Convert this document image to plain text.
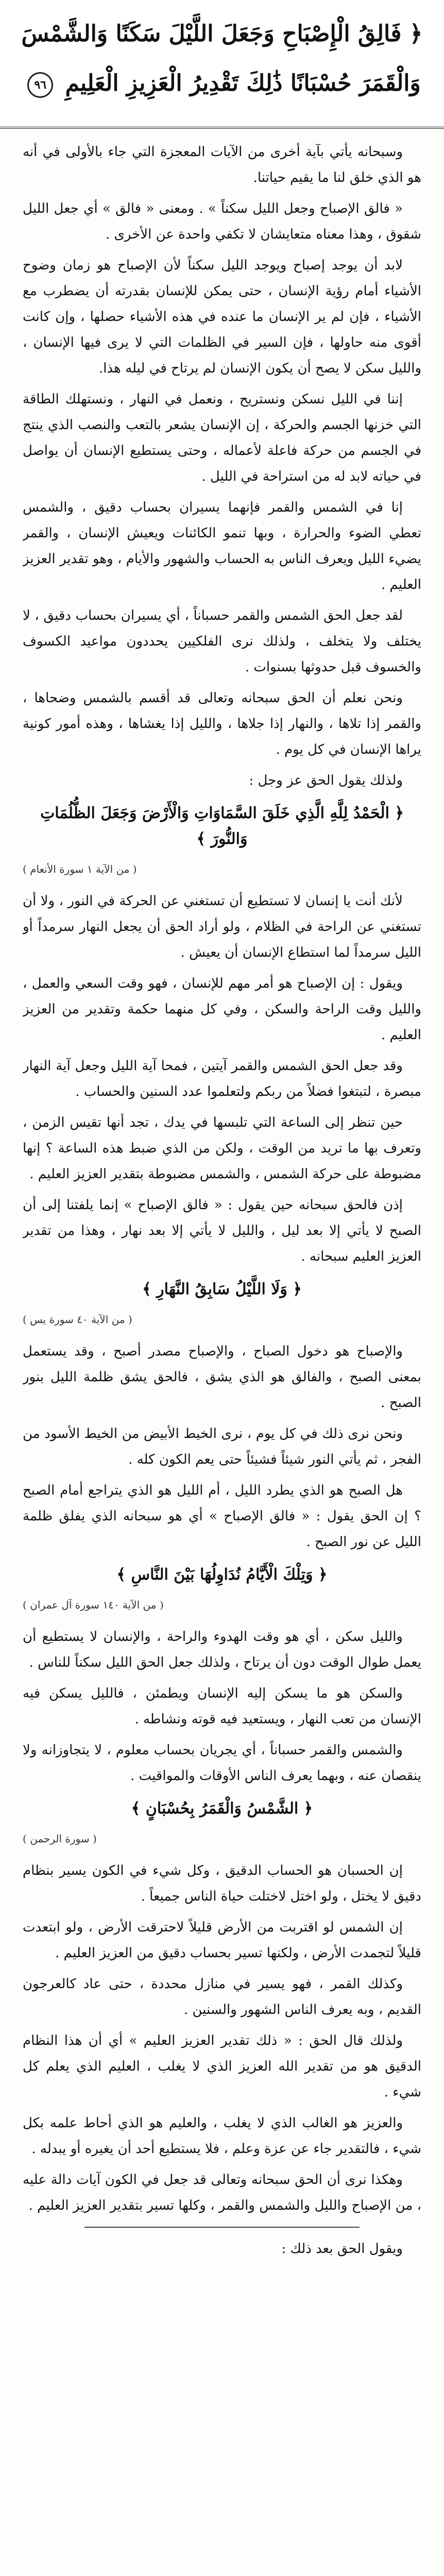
﴿ فَالِقُ الْإِصْبَاحِ وَجَعَلَ اللَّيْلَ سَكَنًا وَالشَّمْسَ
وَالْقَمَرَ حُسْبَانًا ذَٰلِكَ تَقْدِيرُ الْعَزِيزِ الْعَلِيمِ ٩٦

وسبحانه يأتي بآية أخرى من الآيات المعجزة التي جاء بالأولى في أنه هو الذي خلق لنا ما يقيم حياتنا.

« فالق الإصباح وجعل الليل سكناً » . ومعنى « فالق » أي جعل الليل شقوق ، وهذا معناه متعايشان لا تكفي واحدة عن الأخرى .

لابد أن يوجد إصباح ويوجد الليل سكناً لأن الإصباح هو زمان وضوح الأشياء أمام رؤية الإنسان ، حتى يمكن للإنسان بقدرته أن يضطرب مع الأشياء ، فإن لم ير الإنسان ما عنده في هذه الأشياء حصلها ، وإن كانت أقوى منه حاولها ، فإن السير في الظلمات التي لا يرى فيها الإنسان ، والليل سكن لا يصح أن يكون الإنسان لم يرتاح في ليله هذا.

إننا في الليل نسكن ونستريح ، ونعمل في النهار ، ونستهلك الطاقة التي خزنها الجسم والحركة ، إن الإنسان يشعر بالتعب والنصب الذي ينتج في الجسم من حركة فاعلة لأعماله ، وحتى يستطيع الإنسان أن يواصل في حياته لابد له من استراحة في الليل .

إنا في الشمس والقمر فإنهما يسيران بحساب دقيق ، والشمس تعطي الضوء والحرارة ، وبها تنمو الكائنات ويعيش الإنسان ، والقمر يضيء الليل ويعرف الناس به الحساب والشهور والأيام ، وهو تقدير العزيز العليم .

لقد جعل الحق الشمس والقمر حسباناً ، أي يسيران بحساب دقيق ، لا يختلف ولا يتخلف ، ولذلك نرى الفلكيين يحددون مواعيد الكسوف والخسوف قبل حدوثها بسنوات .

ونحن نعلم أن الحق سبحانه وتعالى قد أقسم بالشمس وضحاها ، والقمر إذا تلاها ، والنهار إذا جلاها ، والليل إذا يغشاها ، وهذه أمور كونية يراها الإنسان في كل يوم .

ولذلك يقول الحق عز وجل :

﴿ الْحَمْدُ لِلَّهِ الَّذِي خَلَقَ السَّمَاوَاتِ وَالْأَرْضَ وَجَعَلَ الظُّلُمَاتِ وَالنُّورَ ﴾
( من الآية ١ سورة الأنعام )

لأنك أنت يا إنسان لا تستطيع أن تستغني عن الحركة في النور ، ولا أن تستغني عن الراحة في الظلام ، ولو أراد الحق أن يجعل النهار سرمداً أو الليل سرمداً لما استطاع الإنسان أن يعيش .

ويقول : إن الإصباح هو أمر مهم للإنسان ، فهو وقت السعي والعمل ، والليل وقت الراحة والسكن ، وفي كل منهما حكمة وتقدير من العزيز العليم .

وقد جعل الحق الشمس والقمر آيتين ، فمحا آية الليل وجعل آية النهار مبصرة ، لتبتغوا فضلاً من ربكم ولتعلموا عدد السنين والحساب .

حين تنظر إلى الساعة التي تلبسها في يدك ، تجد أنها تقيس الزمن ، وتعرف بها ما تريد من الوقت ، ولكن من الذي ضبط هذه الساعة ؟ إنها مضبوطة على حركة الشمس ، والشمس مضبوطة بتقدير العزيز العليم .

إذن فالحق سبحانه حين يقول : « فالق الإصباح » إنما يلفتنا إلى أن الصبح لا يأتي إلا بعد ليل ، والليل لا يأتي إلا بعد نهار ، وهذا من تقدير العزيز العليم سبحانه .

﴿ وَلَا اللَّيْلُ سَابِقُ النَّهَارِ ﴾
( من الآية ٤٠ سورة يس )

والإصباح هو دخول الصباح ، والإصباح مصدر أصبح ، وقد يستعمل بمعنى الصبح ، والفالق هو الذي يشق ، فالحق يشق ظلمة الليل بنور الصبح .

ونحن نرى ذلك في كل يوم ، نرى الخيط الأبيض من الخيط الأسود من الفجر ، ثم يأتي النور شيئاً فشيئاً حتى يعم الكون كله .

هل الصبح هو الذي يطرد الليل ، أم الليل هو الذي يتراجع أمام الصبح ؟ إن الحق يقول : « فالق الإصباح » أي هو سبحانه الذي يفلق ظلمة الليل عن نور الصبح .

﴿ وَتِلْكَ الْأَيَّامُ نُدَاوِلُهَا بَيْنَ النَّاسِ ﴾
( من الآية ١٤٠ سورة آل عمران )

والليل سكن ، أي هو وقت الهدوء والراحة ، والإنسان لا يستطيع أن يعمل طوال الوقت دون أن يرتاح ، ولذلك جعل الحق الليل سكناً للناس .

والسكن هو ما يسكن إليه الإنسان ويطمئن ، فالليل يسكن فيه الإنسان من تعب النهار ، ويستعيد فيه قوته ونشاطه .

والشمس والقمر حسباناً ، أي يجريان بحساب معلوم ، لا يتجاوزانه ولا ينقصان عنه ، وبهما يعرف الناس الأوقات والمواقيت .

﴿ الشَّمْسُ وَالْقَمَرُ بِحُسْبَانٍ ﴾
( سورة الرحمن )

إن الحسبان هو الحساب الدقيق ، وكل شيء في الكون يسير بنظام دقيق لا يختل ، ولو اختل لاختلت حياة الناس جميعاً .

إن الشمس لو اقتربت من الأرض قليلاً لاحترقت الأرض ، ولو ابتعدت قليلاً لتجمدت الأرض ، ولكنها تسير بحساب دقيق من العزيز العليم .

وكذلك القمر ، فهو يسير في منازل محددة ، حتى عاد كالعرجون القديم ، وبه يعرف الناس الشهور والسنين .

ولذلك قال الحق : « ذلك تقدير العزيز العليم » أي أن هذا النظام الدقيق هو من تقدير الله العزيز الذي لا يغلب ، العليم الذي يعلم كل شيء .

والعزيز هو الغالب الذي لا يغلب ، والعليم هو الذي أحاط علمه بكل شيء ، فالتقدير جاء عن عزة وعلم ، فلا يستطيع أحد أن يغيره أو يبدله .

وهكذا نرى أن الحق سبحانه وتعالى قد جعل في الكون آيات دالة عليه ، من الإصباح والليل والشمس والقمر ، وكلها تسير بتقدير العزيز العليم .

ويقول الحق بعد ذلك :
